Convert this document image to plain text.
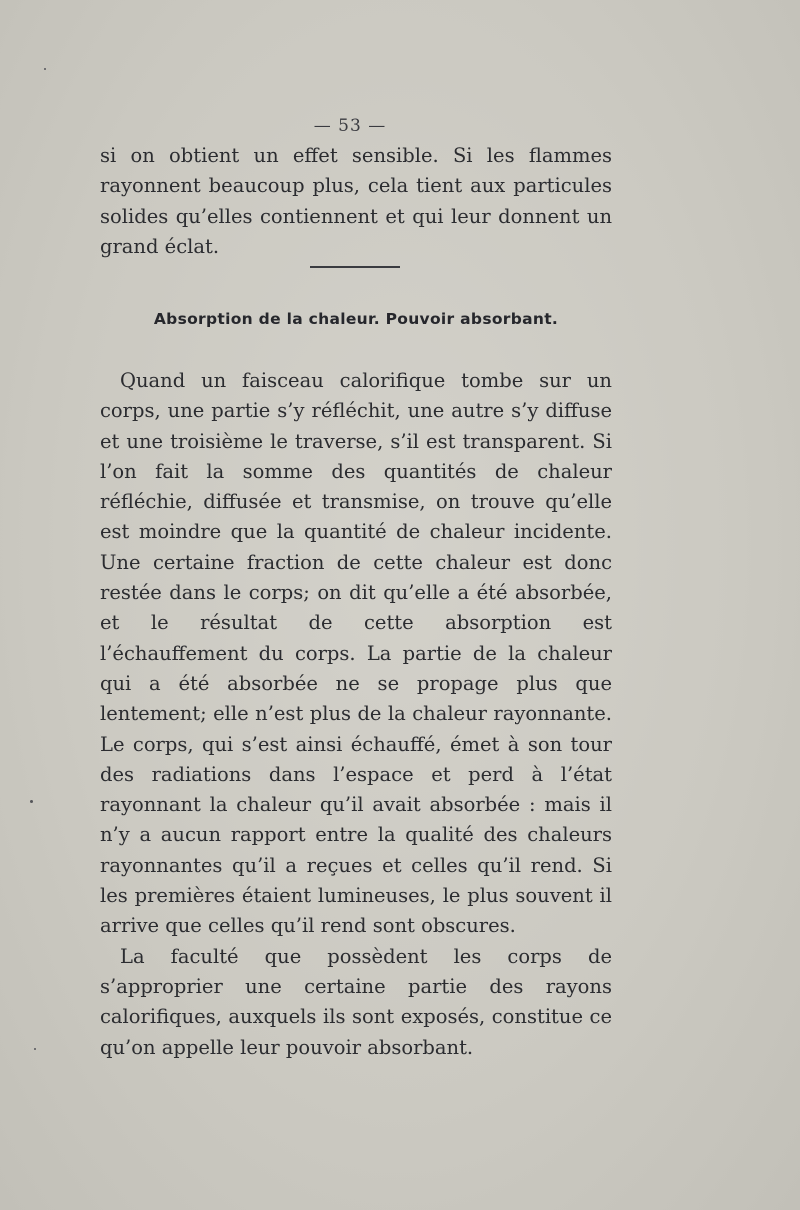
— 53 —

si on obtient un effet sensible. Si les flammes rayonnent beaucoup plus, cela tient aux particules solides qu’elles contiennent et qui leur donnent un grand éclat.

Absorption de la chaleur. Pouvoir absorbant.

Quand un faisceau calorifique tombe sur un corps, une partie s’y réfléchit, une autre s’y diffuse et une troisième le traverse, s’il est transparent. Si l’on fait la somme des quantités de chaleur réfléchie, diffusée et transmise, on trouve qu’elle est moindre que la quantité de chaleur incidente. Une certaine fraction de cette chaleur est donc restée dans le corps; on dit qu’elle a été absorbée, et le résultat de cette absorption est l’échauffement du corps. La partie de la chaleur qui a été absorbée ne se propage plus que lentement; elle n’est plus de la chaleur rayonnante. Le corps, qui s’est ainsi échauffé, émet à son tour des radiations dans l’espace et perd à l’état rayonnant la chaleur qu’il avait absorbée : mais il n’y a aucun rapport entre la qualité des chaleurs rayonnantes qu’il a reçues et celles qu’il rend. Si les premières étaient lumineuses, le plus souvent il arrive que celles qu’il rend sont obscures.

La faculté que possèdent les corps de s’approprier une certaine partie des rayons calorifiques, auxquels ils sont exposés, constitue ce qu’on appelle leur pouvoir absorbant.
